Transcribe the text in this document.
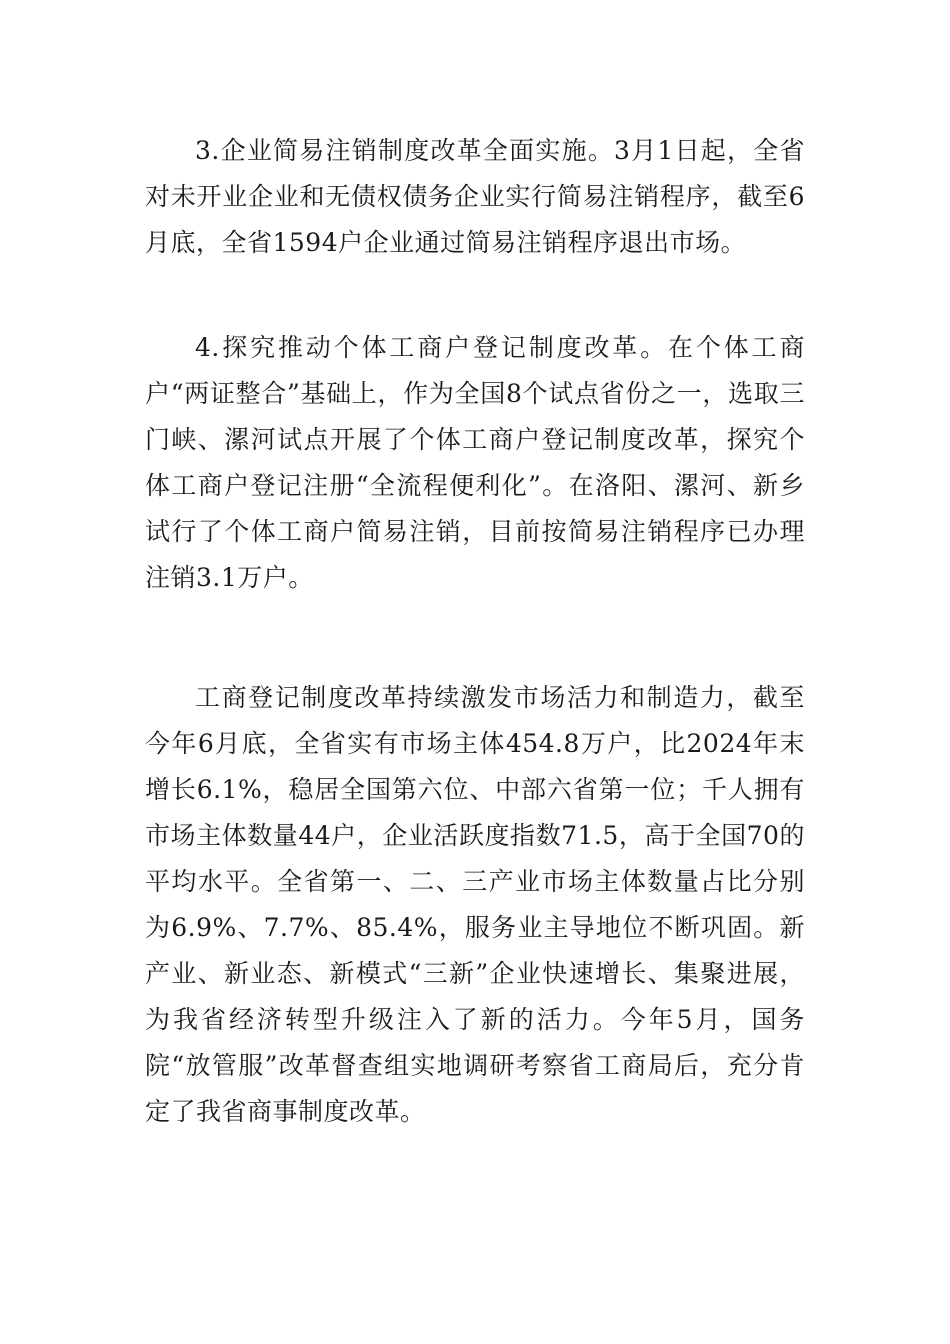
3.企业简易注销制度改革全面实施。3月1日起，全省对未开业企业和无债权债务企业实行简易注销程序，截至6月底，全省1594户企业通过简易注销程序退出市场。

4.探究推动个体工商户登记制度改革。在个体工商户“两证整合”基础上，作为全国8个试点省份之一，选取三门峡、漯河试点开展了个体工商户登记制度改革，探究个体工商户登记注册“全流程便利化”。在洛阳、漯河、新乡试行了个体工商户简易注销，目前按简易注销程序已办理注销3.1万户。

工商登记制度改革持续激发市场活力和制造力，截至今年6月底，全省实有市场主体454.8万户，比2024年末增长6.1%，稳居全国第六位、中部六省第一位；千人拥有市场主体数量44户，企业活跃度指数71.5，高于全国70的平均水平。全省第一、二、三产业市场主体数量占比分别为6.9%、7.7%、85.4%，服务业主导地位不断巩固。新产业、新业态、新模式“三新”企业快速增长、集聚进展，为我省经济转型升级注入了新的活力。今年5月，国务院“放管服”改革督查组实地调研考察省工商局后，充分肯定了我省商事制度改革。
